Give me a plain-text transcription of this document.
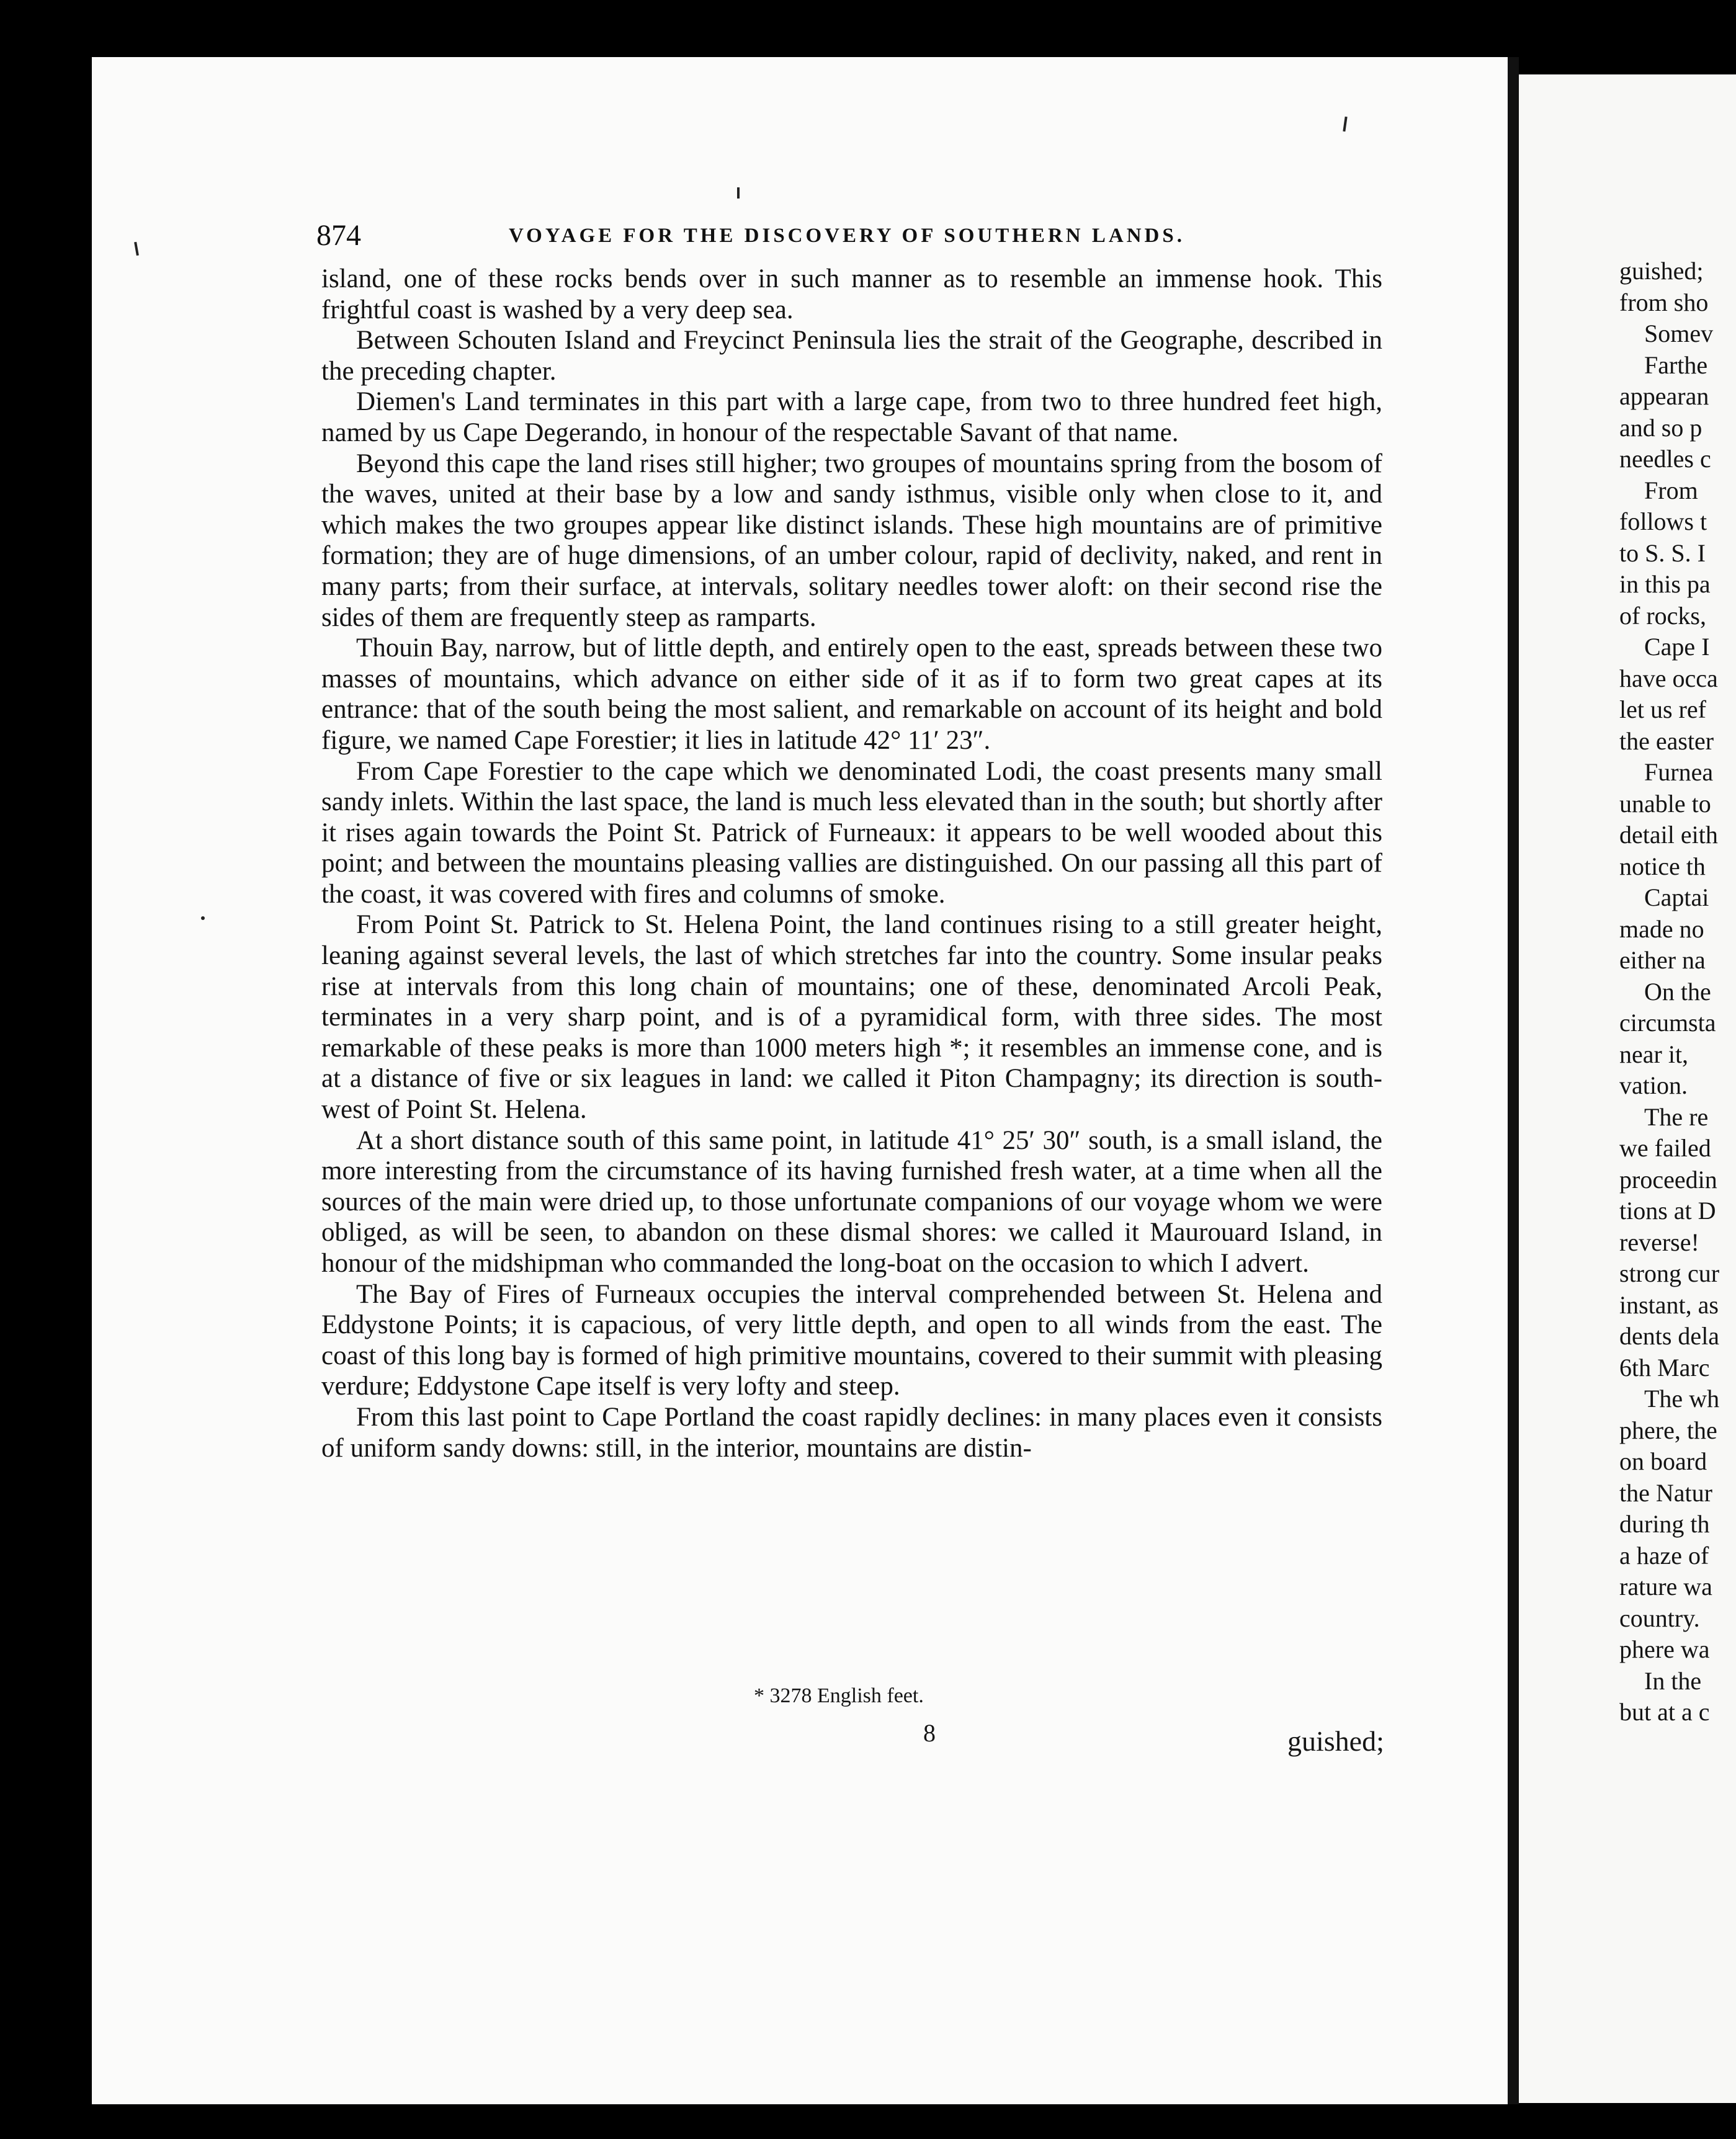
874	VOYAGE FOR THE DISCOVERY OF SOUTHERN LANDS.

island, one of these rocks bends over in such manner as to resemble an immense hook. This frightful coast is washed by a very deep sea.

Between Schouten Island and Freycinct Peninsula lies the strait of the Geographe, described in the preceding chapter.

Diemen's Land terminates in this part with a large cape, from two to three hundred feet high, named by us Cape Degerando, in honour of the respectable Savant of that name.

Beyond this cape the land rises still higher; two groupes of mountains spring from the bosom of the waves, united at their base by a low and sandy isthmus, visible only when close to it, and which makes the two groupes appear like distinct islands. These high mountains are of primitive formation; they are of huge dimensions, of an umber colour, rapid of declivity, naked, and rent in many parts; from their surface, at intervals, solitary needles tower aloft: on their second rise the sides of them are frequently steep as ramparts.

Thouin Bay, narrow, but of little depth, and entirely open to the east, spreads between these two masses of mountains, which advance on either side of it as if to form two great capes at its entrance: that of the south being the most salient, and remarkable on account of its height and bold figure, we named Cape Forestier; it lies in latitude 42° 11′ 23″.

From Cape Forestier to the cape which we denominated Lodi, the coast presents many small sandy inlets. Within the last space, the land is much less elevated than in the south; but shortly after it rises again towards the Point St. Patrick of Furneaux: it appears to be well wooded about this point; and between the mountains pleasing vallies are distinguished. On our passing all this part of the coast, it was covered with fires and columns of smoke.

From Point St. Patrick to St. Helena Point, the land continues rising to a still greater height, leaning against several levels, the last of which stretches far into the country. Some insular peaks rise at intervals from this long chain of mountains; one of these, denominated Arcoli Peak, terminates in a very sharp point, and is of a pyramidical form, with three sides. The most remarkable of these peaks is more than 1000 meters high *; it resembles an immense cone, and is at a distance of five or six leagues in land: we called it Piton Champagny; its direction is south-west of Point St. Helena.

At a short distance south of this same point, in latitude 41° 25′ 30″ south, is a small island, the more interesting from the circumstance of its having furnished fresh water, at a time when all the sources of the main were dried up, to those unfortunate companions of our voyage whom we were obliged, as will be seen, to abandon on these dismal shores: we called it Maurouard Island, in honour of the midshipman who commanded the long-boat on the occasion to which I advert.

The Bay of Fires of Furneaux occupies the interval comprehended between St. Helena and Eddystone Points; it is capacious, of very little depth, and open to all winds from the east. The coast of this long bay is formed of high primitive mountains, covered to their summit with pleasing verdure; Eddystone Cape itself is very lofty and steep.

From this last point to Cape Portland the coast rapidly declines: in many places even it consists of uniform sandy downs: still, in the interior, mountains are distin-

* 3278 English feet.
8	guished;
guished;
from sho
Somev
Farthe
appearan
and so p
needles c
From
follows t
to S. S. I
in this pa
of rocks,
Cape I
have occa
let us ref
the easter
Furnea
unable to
detail eith
notice th
Captai
made no
either na
On the
circumsta
near it,
vation.
The re
we failed
proceedin
tions at D
reverse!
strong cur
instant, as
dents dela
6th Marc
The wh
phere, the
on board
the Natur
during th
a haze of
rature wa
country.
phere wa
In the
but at a c
